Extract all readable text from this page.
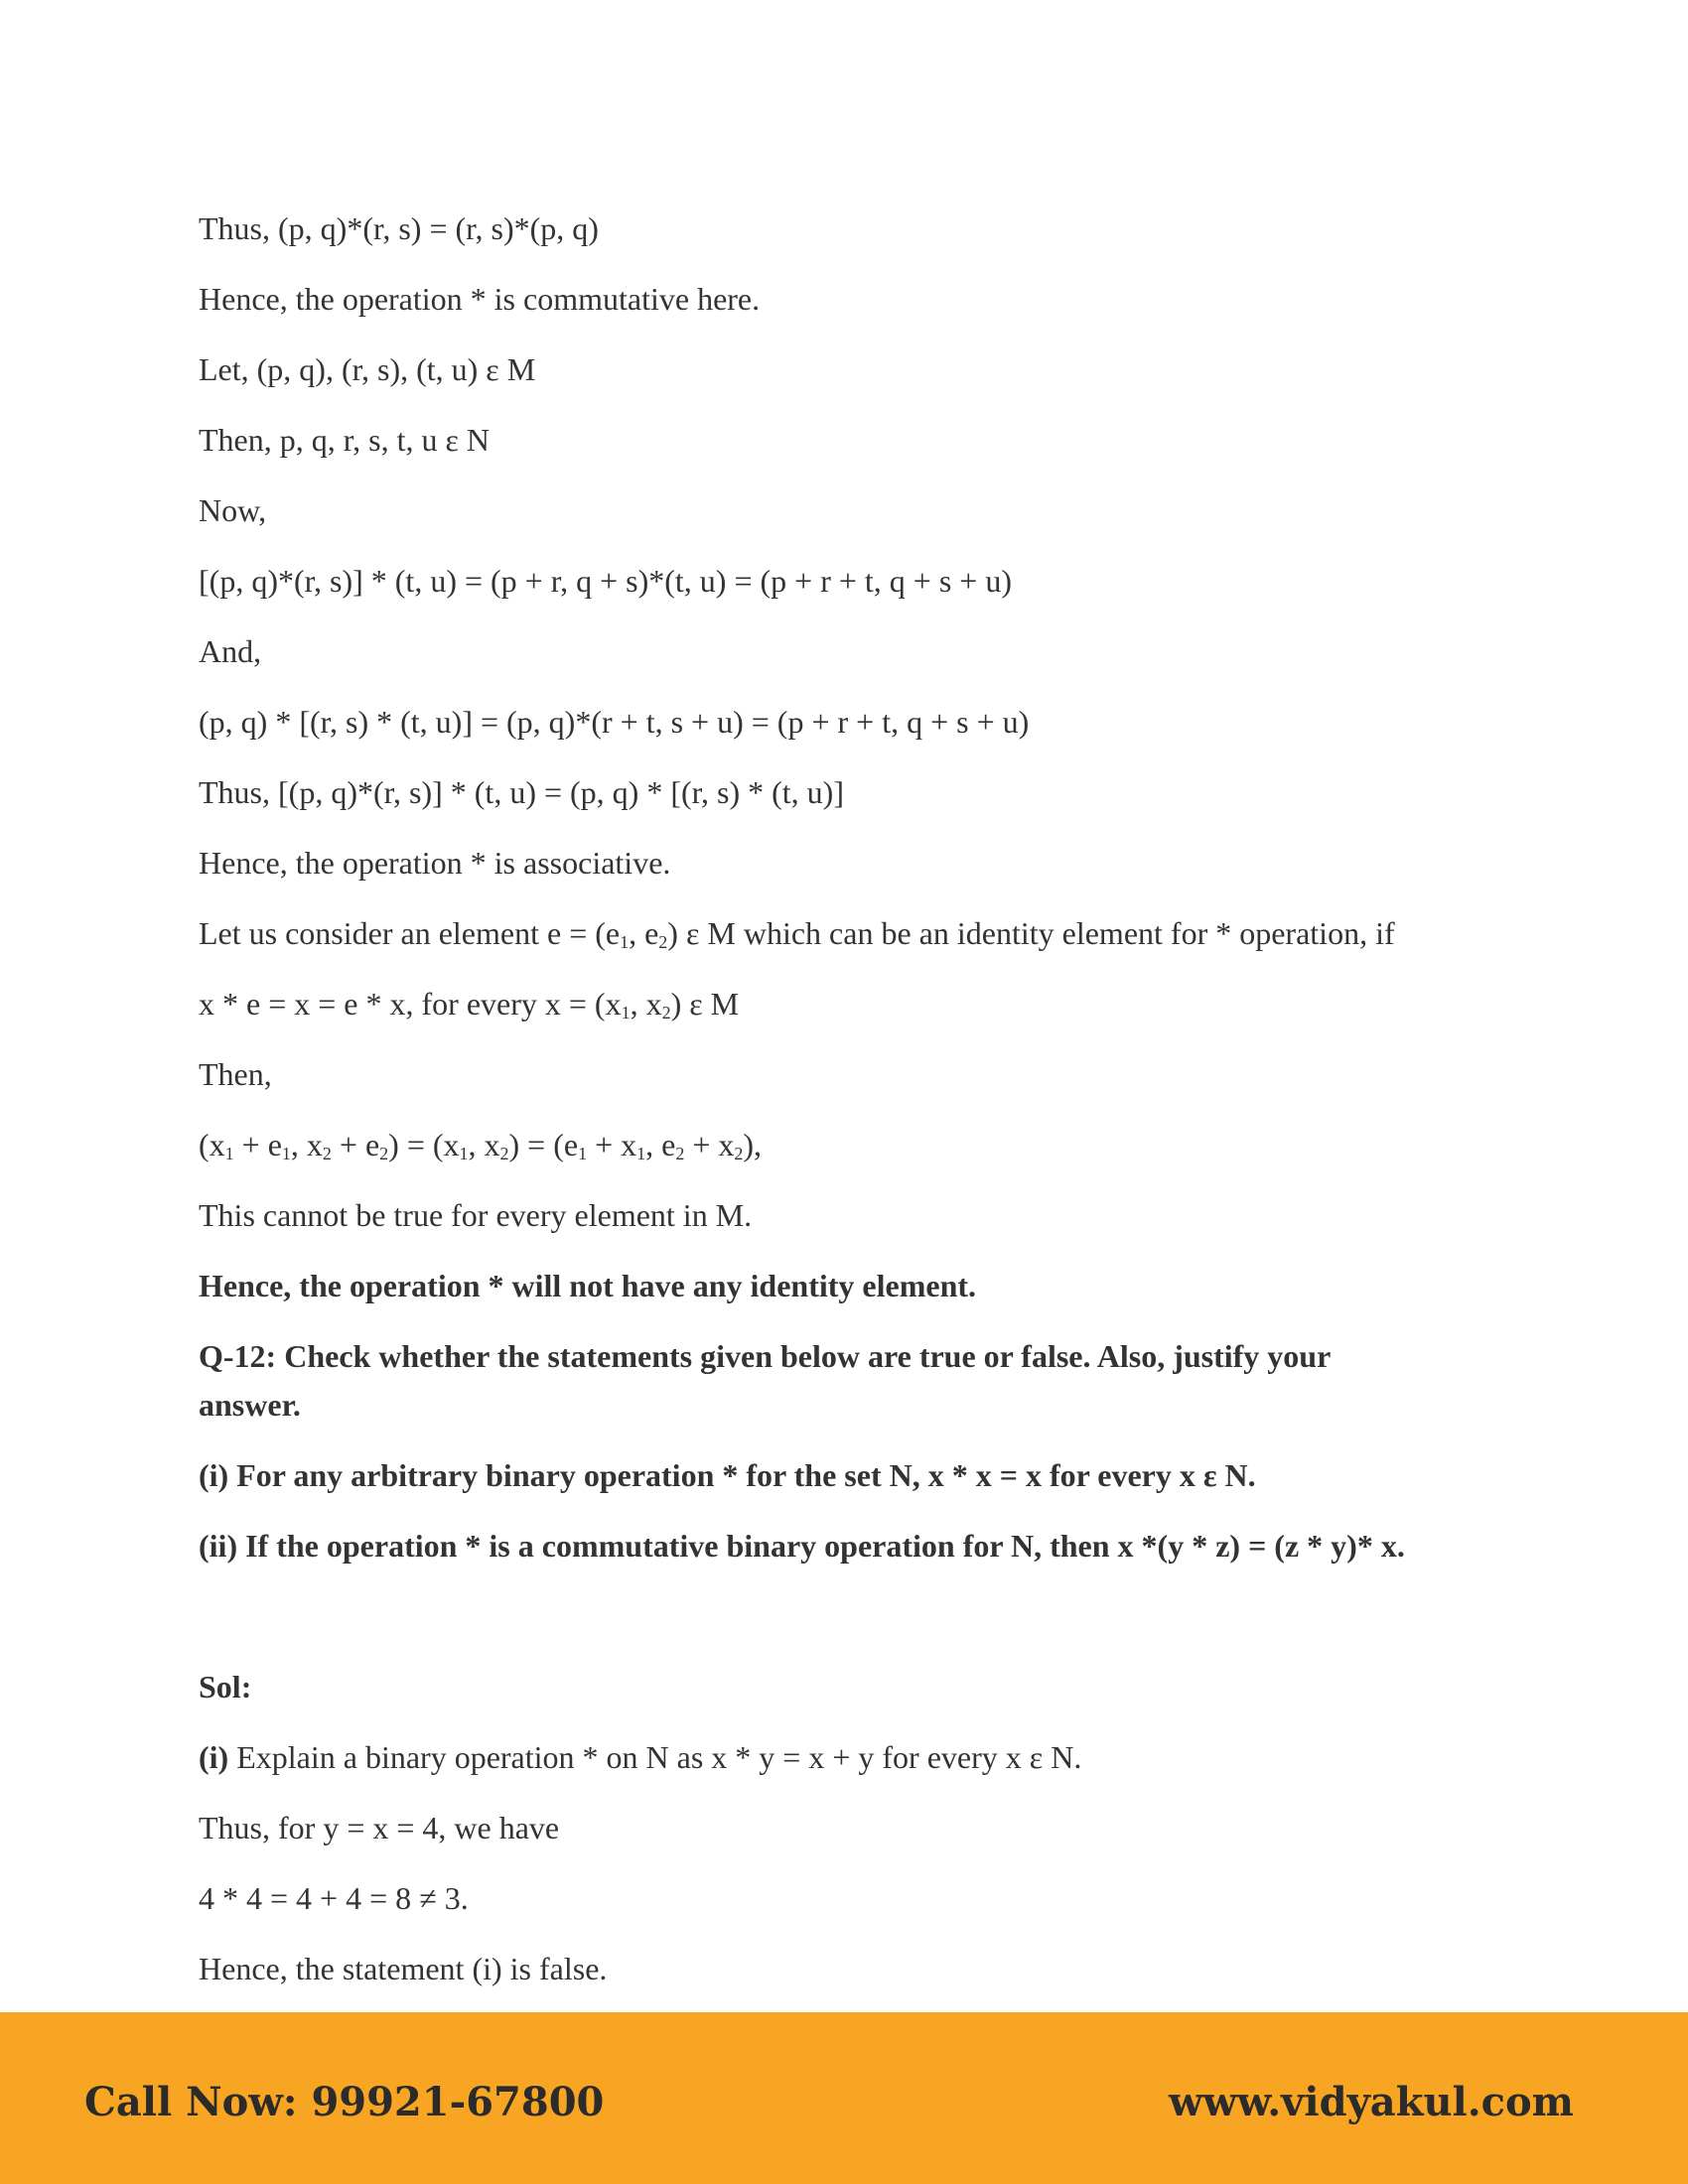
Thus, (p, q)*(r, s) = (r, s)*(p, q)
Hence, the operation * is commutative here.
Let, (p, q), (r, s), (t, u) ε M
Then, p, q, r, s, t, u ε N
Now,
[(p, q)*(r, s)] * (t, u) = (p + r, q + s)*(t, u) = (p + r + t, q + s + u)
And,
(p, q) * [(r, s) * (t, u)] = (p, q)*(r + t, s + u) = (p + r + t, q + s + u)
Thus, [(p, q)*(r, s)] * (t, u) = (p, q) * [(r, s) * (t, u)]
Hence, the operation * is associative.
Let us consider an element $e = (e_1$, $e_2$) ε M which can be an identity element for * operation, if
x * e = x = e * x, for every $x = (x_1$, $x_2$) ε M
Then,
($x_1 + e_1$, $x_2 + e_2) = (x_1$, $x_2) = (e_1 + x_1$, $e_2 + x_2$),
This cannot be true for every element in M.
Hence, the operation * will not have any identity element.
Q-12: Check whether the statements given below are true or false. Also, justify your
answer.
(i) For any arbitrary binary operation * for the set N, x * x = x for every x ε N.
(ii) If the operation * is a commutative binary operation for N, then x *(y * z) = (z * y)* x.
Sol:
(i) Explain a binary operation * on N as x * y = x + y for every x ε N.
Thus, for y = x = 4, we have
4 * 4 = 4 + 4 = 8 ≠ 3.
Hence, the statement (i) is false.
Call Now: 99921-67800	www.vidyakul.com
